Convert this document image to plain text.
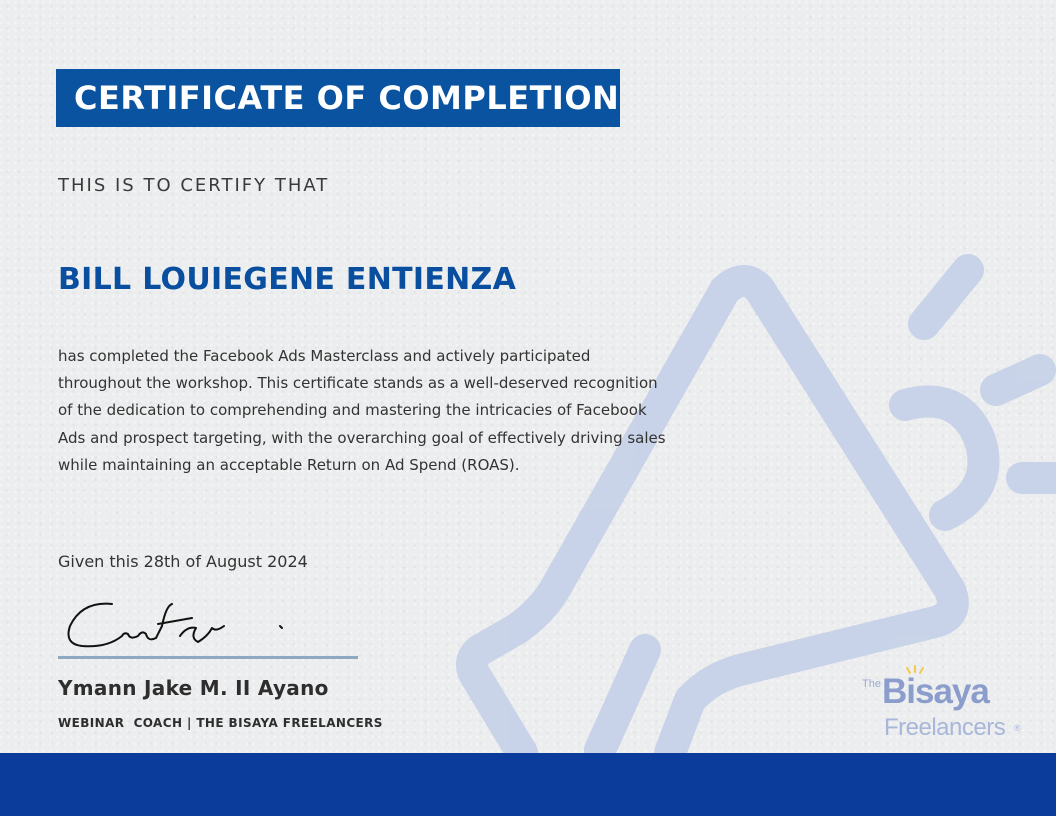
CERTIFICATE OF COMPLETION
THIS IS TO CERTIFY THAT
BILL LOUIEGENE ENTIENZA
has completed the Facebook Ads Masterclass and actively participated throughout the workshop. This certificate stands as a well-deserved recognition of the dedication to comprehending and mastering the intricacies of Facebook Ads and prospect targeting, with the overarching goal of effectively driving sales while maintaining an acceptable Return on Ad Spend (ROAS).
Given this 28th of August 2024
Ymann Jake M. II Ayano
WEBINAR  COACH | THE BISAYA FREELANCERS
The Bisaya
Freelancers ®
